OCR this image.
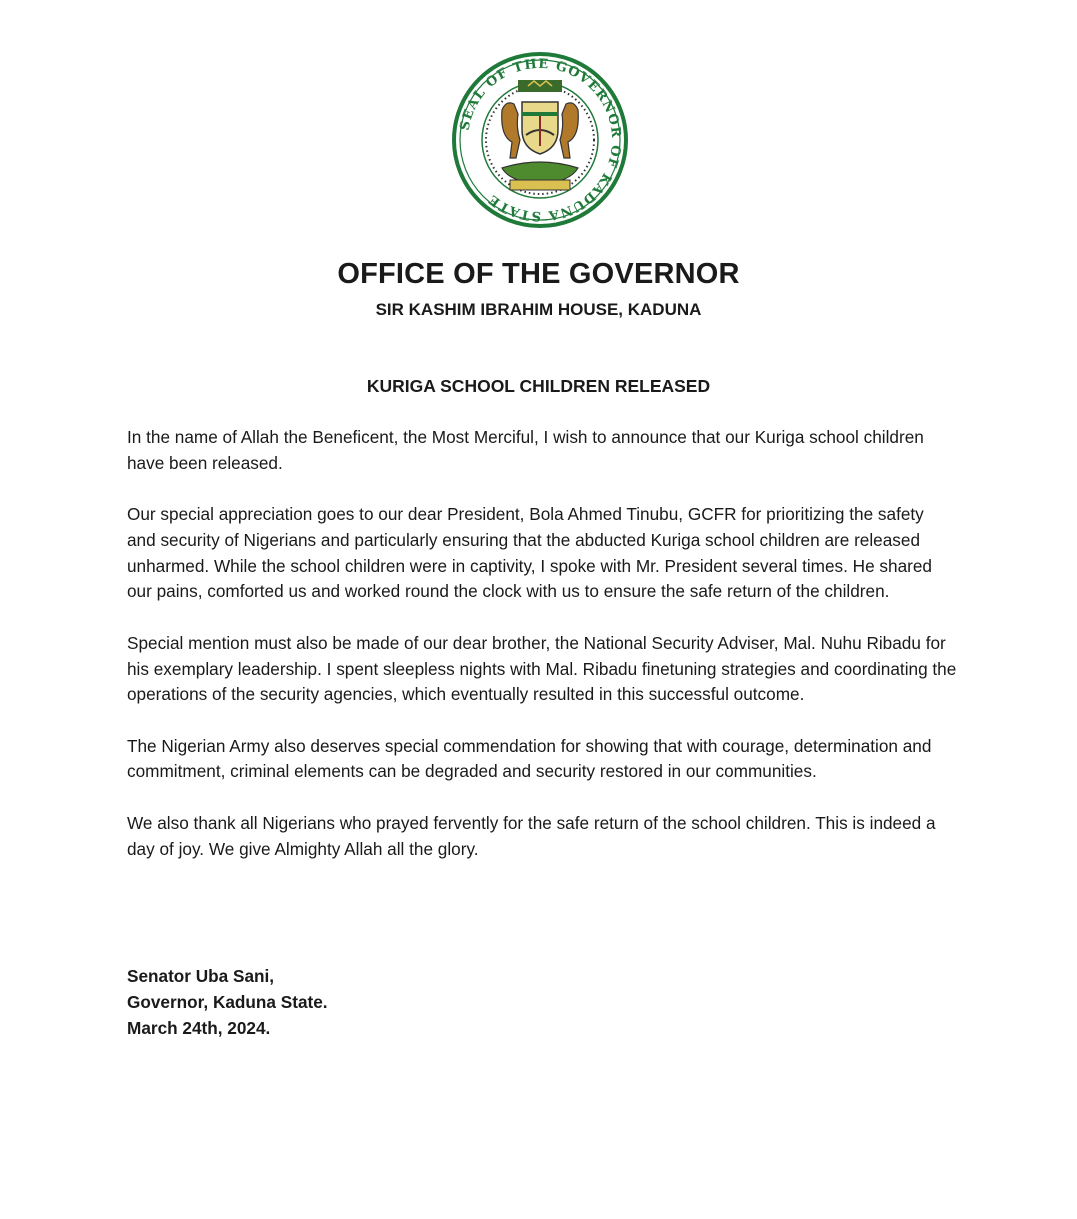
SEAL OF THE GOVERNOR OF KADUNA STATE
OFFICE OF THE GOVERNOR
SIR KASHIM IBRAHIM HOUSE, KADUNA
KURIGA SCHOOL CHILDREN RELEASED

In the name of Allah the Beneficent, the Most Merciful, I wish to announce that our Kuriga school children have been released.

Our special appreciation goes to our dear President, Bola Ahmed Tinubu, GCFR for prioritizing the safety and security of Nigerians and particularly ensuring that the abducted Kuriga school children are released unharmed. While the school children were in captivity, I spoke with Mr. President several times. He shared our pains, comforted us and worked round the clock with us to ensure the safe return of the children.

Special mention must also be made of our dear brother, the National Security Adviser, Mal. Nuhu Ribadu for his exemplary leadership. I spent sleepless nights with Mal. Ribadu finetuning strategies and coordinating the operations of the security agencies, which eventually resulted in this successful outcome.

The Nigerian Army also deserves special commendation for showing that with courage, determination and commitment, criminal elements can be degraded and security restored in our communities.

We also thank all Nigerians who prayed fervently for the safe return of the school children. This is indeed a day of joy. We give Almighty Allah all the glory.

Senator Uba Sani,
Governor, Kaduna State.
March 24th, 2024.
